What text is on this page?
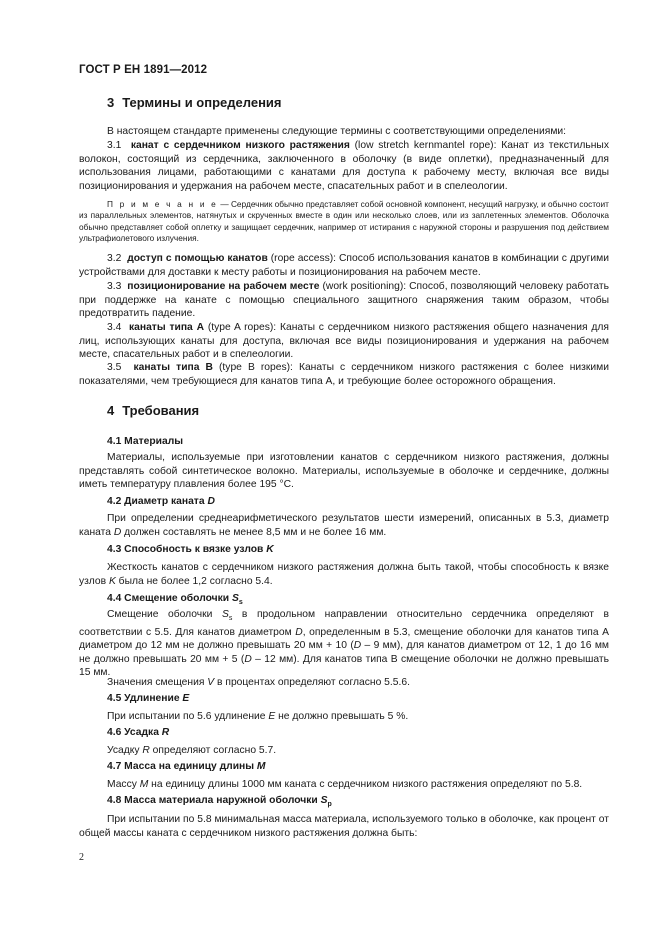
ГОСТ Р ЕН 1891—2012
3 Термины и определения
В настоящем стандарте применены следующие термины с соответствующими определениями:
3.1 канат с сердечником низкого растяжения (low stretch kernmantel rope): Канат из текстильных волокон, состоящий из сердечника, заключенного в оболочку (в виде оплетки), предназначенный для использования лицами, работающими с канатами для доступа к рабочему месту, включая все виды позиционирования и удержания на рабочем месте, спасательных работ и в спелеологии.
П р и м е ч а н и е — Сердечник обычно представляет собой основной компонент, несущий нагрузку, и обычно состоит из параллельных элементов, натянутых и скрученных вместе в один или несколько слоев, или из заплетенных элементов. Оболочка обычно представляет собой оплетку и защищает сердечник, например от истирания с наружной стороны и разрушения под действием ультрафиолетового излучения.
3.2 доступ с помощью канатов (rope access): Способ использования канатов в комбинации с другими устройствами для доставки к месту работы и позиционирования на рабочем месте.
3.3 позиционирование на рабочем месте (work positioning): Способ, позволяющий человеку работать при поддержке на канате с помощью специального защитного снаряжения таким образом, чтобы предотвратить падение.
3.4 канаты типа А (type A ropes): Канаты с сердечником низкого растяжения общего назначения для лиц, использующих канаты для доступа, включая все виды позиционирования и удержания на рабочем месте, спасательных работ и в спелеологии.
3.5 канаты типа В (type B ropes): Канаты с сердечником низкого растяжения с более низкими показателями, чем требующиеся для канатов типа А, и требующие более осторожного обращения.
4 Требования
4.1 Материалы
Материалы, используемые при изготовлении канатов с сердечником низкого растяжения, должны представлять собой синтетическое волокно. Материалы, используемые в оболочке и сердечнике, должны иметь температуру плавления более 195 °C.
4.2 Диаметр каната D
При определении среднеарифметического результатов шести измерений, описанных в 5.3, диаметр каната D должен составлять не менее 8,5 мм и не более 16 мм.
4.3 Способность к вязке узлов K
Жесткость канатов с сердечником низкого растяжения должна быть такой, чтобы способность к вязке узлов K была не более 1,2 согласно 5.4.
4.4 Смещение оболочки $S_s$
Смещение оболочки $S_s$ в продольном направлении относительно сердечника определяют в соответствии с 5.5. Для канатов диаметром D, определенным в 5.3, смещение оболочки для канатов типа А диаметром до 12 мм не должно превышать 20 мм + 10 (D – 9 мм), для канатов диаметром от 12, 1 до 16 мм не должно превышать 20 мм + 5 (D – 12 мм). Для канатов типа В смещение оболочки не должно превышать 15 мм.
Значения смещения V в процентах определяют согласно 5.5.6.
4.5 Удлинение E
При испытании по 5.6 удлинение E не должно превышать 5 %.
4.6 Усадка R
Усадку R определяют согласно 5.7.
4.7 Масса на единицу длины M
Массу M на единицу длины 1000 мм каната с сердечником низкого растяжения определяют по 5.8.
4.8 Масса материала наружной оболочки $S_p$
При испытании по 5.8 минимальная масса материала, используемого только в оболочке, как процент от общей массы каната с сердечником низкого растяжения должна быть:
2
